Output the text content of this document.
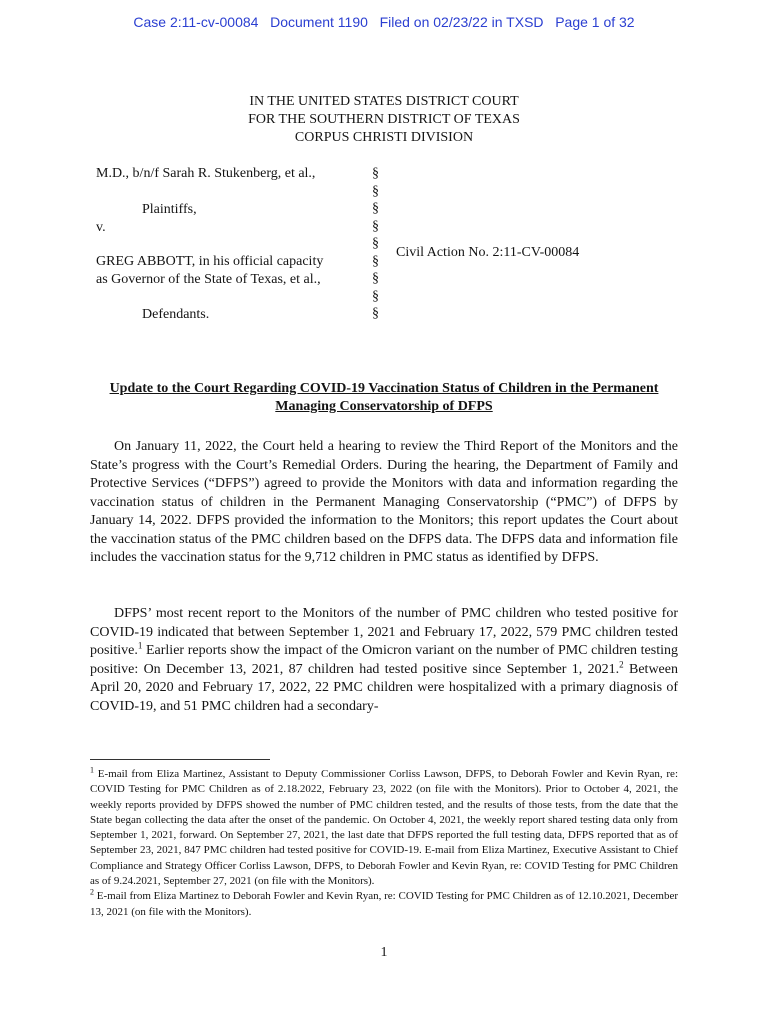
Case 2:11-cv-00084   Document 1190   Filed on 02/23/22 in TXSD   Page 1 of 32
IN THE UNITED STATES DISTRICT COURT
FOR THE SOUTHERN DISTRICT OF TEXAS
CORPUS CHRISTI DIVISION
M.D., b/n/f Sarah R. Stukenberg, et al.,
Plaintiffs,
v.
GREG ABBOTT, in his official capacity
as Governor of the State of Texas, et al.,
Defendants.
§
§
§
§
§
§
§
§
§
Civil Action No. 2:11-CV-00084
Update to the Court Regarding COVID-19 Vaccination Status of Children in the Permanent Managing Conservatorship of DFPS

On January 11, 2022, the Court held a hearing to review the Third Report of the Monitors and the State’s progress with the Court’s Remedial Orders. During the hearing, the Department of Family and Protective Services (“DFPS”) agreed to provide the Monitors with data and information regarding the vaccination status of children in the Permanent Managing Conservatorship (“PMC”) of DFPS by January 14, 2022. DFPS provided the information to the Monitors; this report updates the Court about the vaccination status of the PMC children based on the DFPS data. The DFPS data and information file includes the vaccination status for the 9,712 children in PMC status as identified by DFPS.

DFPS’ most recent report to the Monitors of the number of PMC children who tested positive for COVID-19 indicated that between September 1, 2021 and February 17, 2022, 579 PMC children tested positive.$^1$ Earlier reports show the impact of the Omicron variant on the number of PMC children testing positive: On December 13, 2021, 87 children had tested positive since September 1, 2021.$^2$ Between April 20, 2020 and February 17, 2022, 22 PMC children were hospitalized with a primary diagnosis of COVID-19, and 51 PMC children had a secondary-

$^1$ E-mail from Eliza Martinez, Assistant to Deputy Commissioner Corliss Lawson, DFPS, to Deborah Fowler and Kevin Ryan, re: COVID Testing for PMC Children as of 2.18.2022, February 23, 2022 (on file with the Monitors). Prior to October 4, 2021, the weekly reports provided by DFPS showed the number of PMC children tested, and the results of those tests, from the date that the State began collecting the data after the onset of the pandemic. On October 4, 2021, the weekly report shared testing data only from September 1, 2021, forward. On September 27, 2021, the last date that DFPS reported the full testing data, DFPS reported that as of September 23, 2021, 847 PMC children had tested positive for COVID-19. E-mail from Eliza Martinez, Executive Assistant to Chief Compliance and Strategy Officer Corliss Lawson, DFPS, to Deborah Fowler and Kevin Ryan, re: COVID Testing for PMC Children as of 9.24.2021, September 27, 2021 (on file with the Monitors).
$^2$ E-mail from Eliza Martinez to Deborah Fowler and Kevin Ryan, re: COVID Testing for PMC Children as of 12.10.2021, December 13, 2021 (on file with the Monitors).
1
